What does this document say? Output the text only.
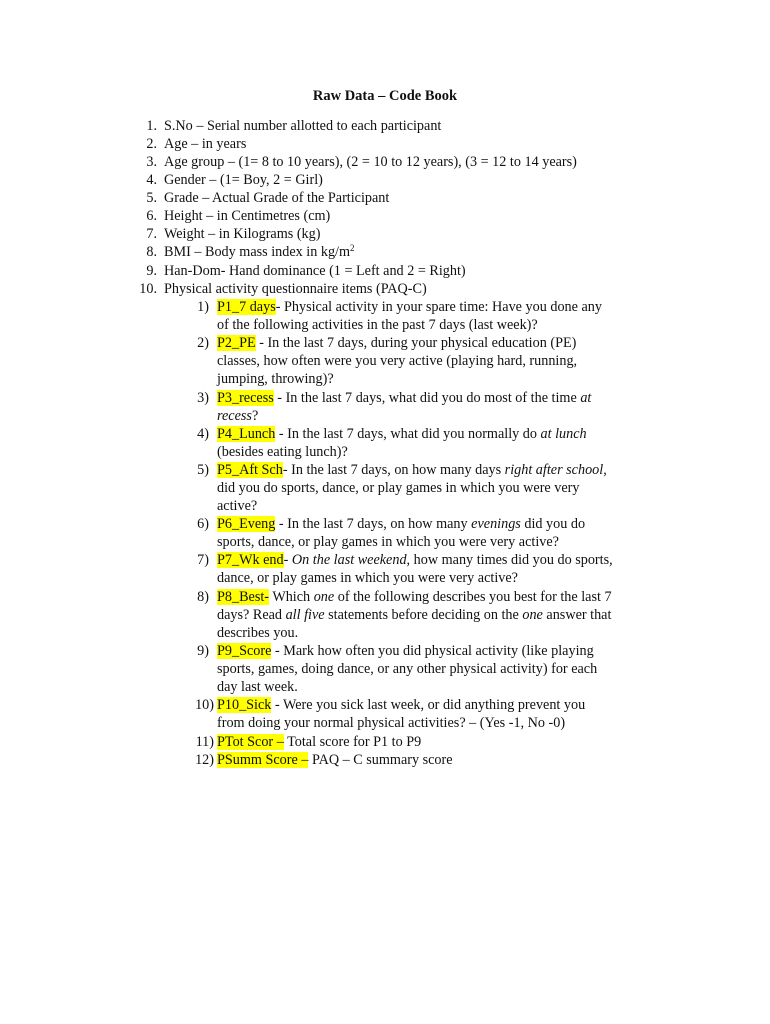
Raw Data – Code Book
1. S.No – Serial number allotted to each participant
2. Age – in years
3. Age group – (1= 8 to 10 years), (2 = 10 to 12 years), (3 = 12 to 14 years)
4. Gender – (1= Boy, 2 = Girl)
5. Grade – Actual Grade of the Participant
6. Height – in Centimetres (cm)
7. Weight – in Kilograms (kg)
8. BMI – Body mass index in $kg/m^2$
9. Han-Dom- Hand dominance (1 = Left and 2 = Right)
10. Physical activity questionnaire items (PAQ-C)
1) P1_7 days- Physical activity in your spare time: Have you done any
of the following activities in the past 7 days (last week)?
2) P2_PE - In the last 7 days, during your physical education (PE)
classes, how often were you very active (playing hard, running,
jumping, throwing)?
3) P3_recess - In the last 7 days, what did you do most of the time at
recess?
4) P4_Lunch - In the last 7 days, what did you normally do at lunch
(besides eating lunch)?
5) P5_Aft Sch- In the last 7 days, on how many days right after school,
did you do sports, dance, or play games in which you were very
active?
6) P6_Eveng - In the last 7 days, on how many evenings did you do
sports, dance, or play games in which you were very active?
7) P7_Wk end- On the last weekend, how many times did you do sports,
dance, or play games in which you were very active?
8) P8_Best- Which one of the following describes you best for the last 7
days? Read all five statements before deciding on the one answer that
describes you.
9) P9_Score - Mark how often you did physical activity (like playing
sports, games, doing dance, or any other physical activity) for each
day last week.
10) P10_Sick - Were you sick last week, or did anything prevent you
from doing your normal physical activities? – (Yes -1, No -0)
11) PTot Scor – Total score for P1 to P9
12) PSumm Score – PAQ – C summary score
